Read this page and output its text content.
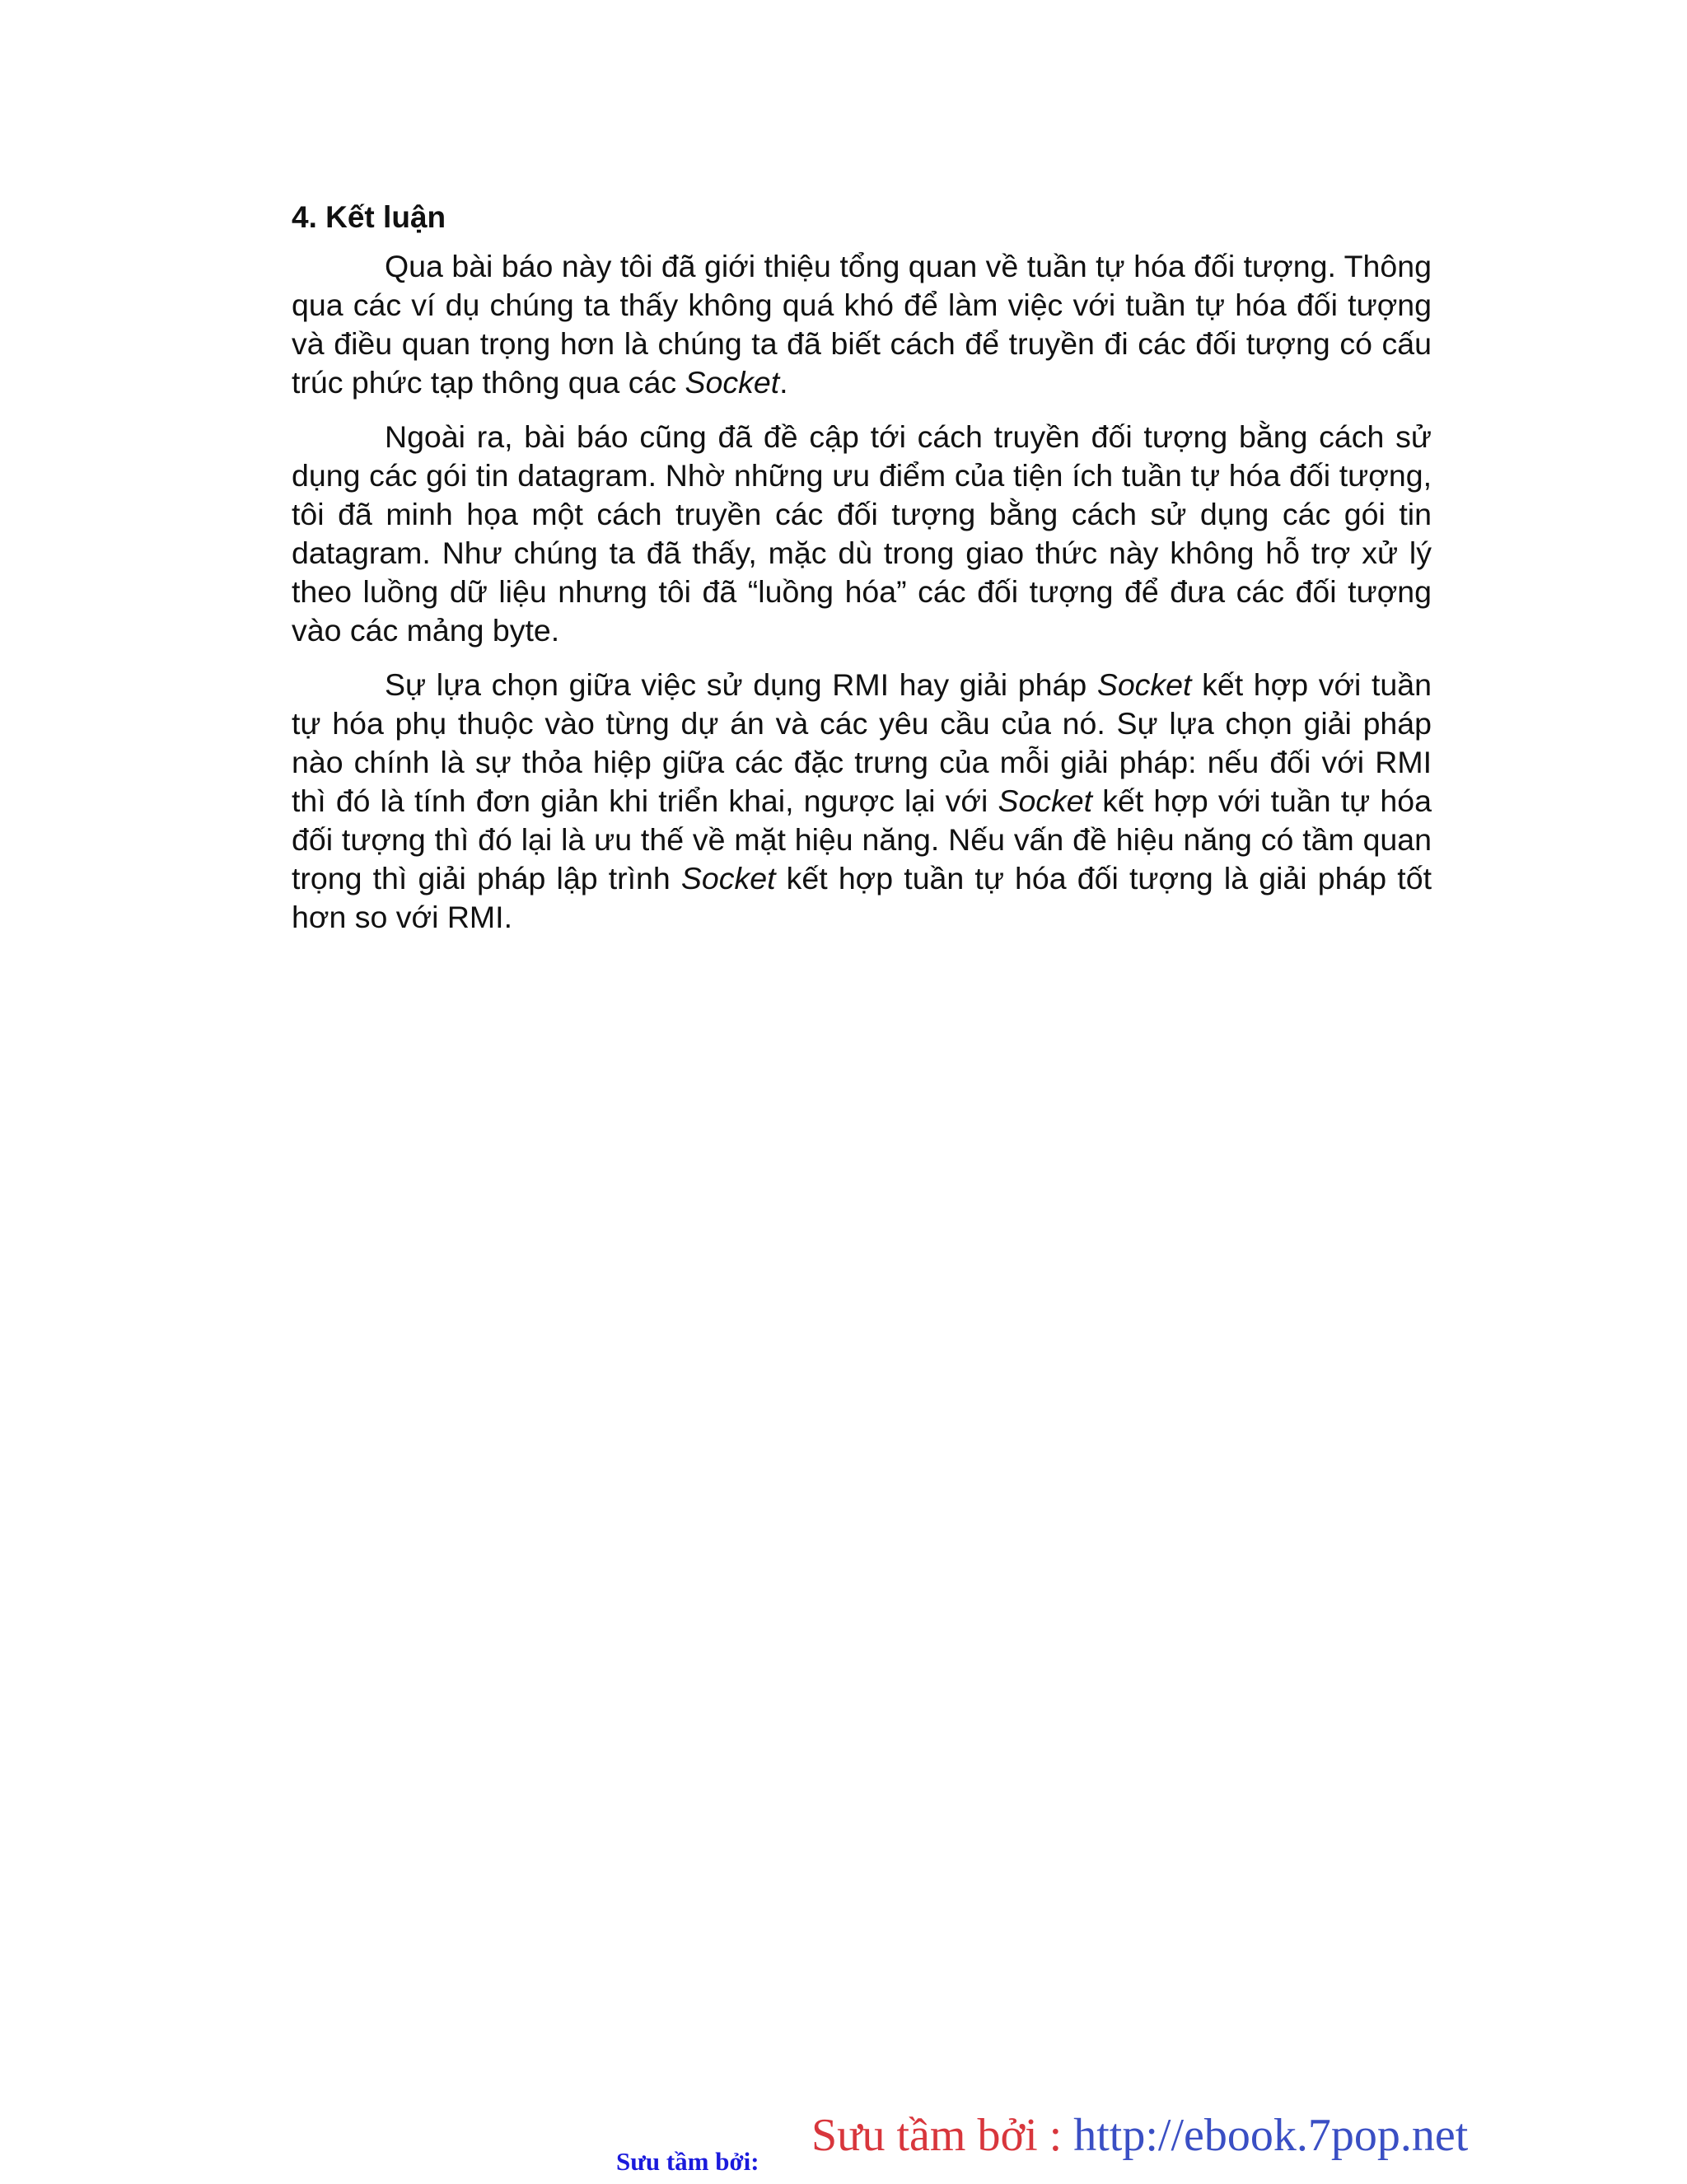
4. Kết luận

Qua bài báo này tôi đã giới thiệu tổng quan về tuần tự hóa đối tượng. Thông qua các ví dụ chúng ta thấy không quá khó để làm việc với tuần tự hóa đối tượng và điều quan trọng hơn là chúng ta đã biết cách để truyền đi các đối tượng có cấu trúc phức tạp thông qua các Socket.

Ngoài ra, bài báo cũng đã đề cập tới cách truyền đối tượng bằng cách sử dụng các gói tin datagram. Nhờ những ưu điểm của tiện ích tuần tự hóa đối tượng, tôi đã minh họa một cách truyền các đối tượng bằng cách sử dụng các gói tin datagram. Như chúng ta đã thấy, mặc dù trong giao thức này không hỗ trợ xử lý theo luồng dữ liệu nhưng tôi đã “luồng hóa” các đối tượng để đưa các đối tượng vào các mảng byte.

Sự lựa chọn giữa việc sử dụng RMI hay giải pháp Socket kết hợp với tuần tự hóa phụ thuộc vào từng dự án và các yêu cầu của nó. Sự lựa chọn giải pháp nào chính là sự thỏa hiệp giữa các đặc trưng của mỗi giải pháp: nếu đối với RMI thì đó là tính đơn giản khi triển khai, ngược lại với Socket kết hợp với tuần tự hóa đối tượng thì đó lại là ưu thế về mặt hiệu năng. Nếu vấn đề hiệu năng có tầm quan trọng thì giải pháp lập trình Socket kết hợp tuần tự hóa đối tượng là giải pháp tốt hơn so với RMI.

Sưu tầm bởi:
Sưu tầm bởi : http://ebook.7pop.net
